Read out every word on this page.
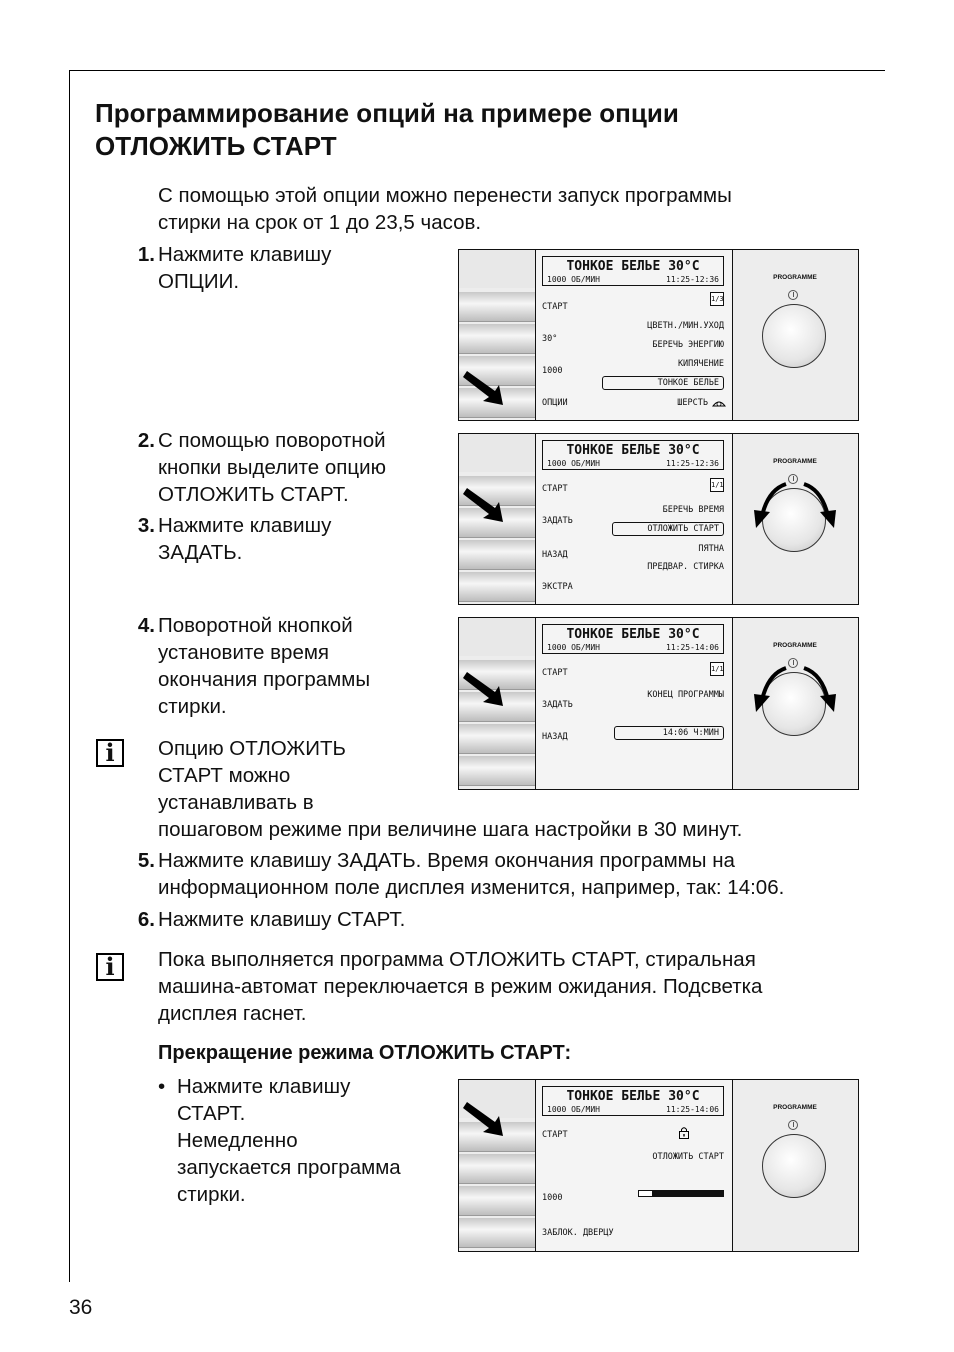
Программирование опций на примере опции
ОТЛОЖИТЬ СТАРТ

С помощью этой опции можно перенести запуск программы
стирки на срок от 1 до 23,5 часов.

1. Нажмите клавишу
ОПЦИИ.

2. С помощью поворотной
кнопки выделите опцию
ОТЛОЖИТЬ СТАРТ.

3. Нажмите клавишу
ЗАДАТЬ.

4. Поворотной кнопкой
установите время
окончания программы
стирки.

i Опцию ОТЛОЖИТЬ
СТАРТ можно
устанавливать в
пошаговом режиме при величине шага настройки в 30 минут.

5. Нажмите клавишу ЗАДАТЬ. Время окончания программы на
информационном поле дисплея изменится, например, так: 14:06.

6. Нажмите клавишу СТАРТ.

i Пока выполняется программа ОТЛОЖИТЬ СТАРТ, стиральная
машина-автомат переключается в режим ожидания. Подсветка
дисплея гаснет.

Прекращение режима ОТЛОЖИТЬ СТАРТ:

• Нажмите клавишу
СТАРТ.
Немедленно
запускается программа
стирки.

36
ТОНКОЕ БЕЛЬЕ 30°C
1000 ОБ/МИН	11:25-12:36
СТАРТ
30°
1000
ОПЦИИ
1/3
ЦВЕТН./МИН.УХОД
БЕРЕЧЬ ЭНЕРГИЮ
КИПЯЧЕНИЕ
ТОНКОЕ БЕЛЬЕ
ШЕРСТЬ
PROGRAMME
ТОНКОЕ БЕЛЬЕ 30°C
1000 ОБ/МИН	11:25-12:36
СТАРТ
ЗАДАТЬ
НАЗАД
ЭКСТРА
1/1
БЕРЕЧЬ ВРЕМЯ
ОТЛОЖИТЬ СТАРТ
ПЯТНА
ПРЕДВАР. СТИРКА
PROGRAMME
ТОНКОЕ БЕЛЬЕ 30°C
1000 ОБ/МИН	11:25-14:06
СТАРТ
ЗАДАТЬ
НАЗАД
1/1
КОНЕЦ ПРОГРАММЫ
14:06 Ч:МИН
PROGRAMME
ТОНКОЕ БЕЛЬЕ 30°C
1000 ОБ/МИН	11:25-14:06
СТАРТ
1000
ЗАБЛОК. ДВЕРЦУ
ОТЛОЖИТЬ СТАРТ
PROGRAMME
